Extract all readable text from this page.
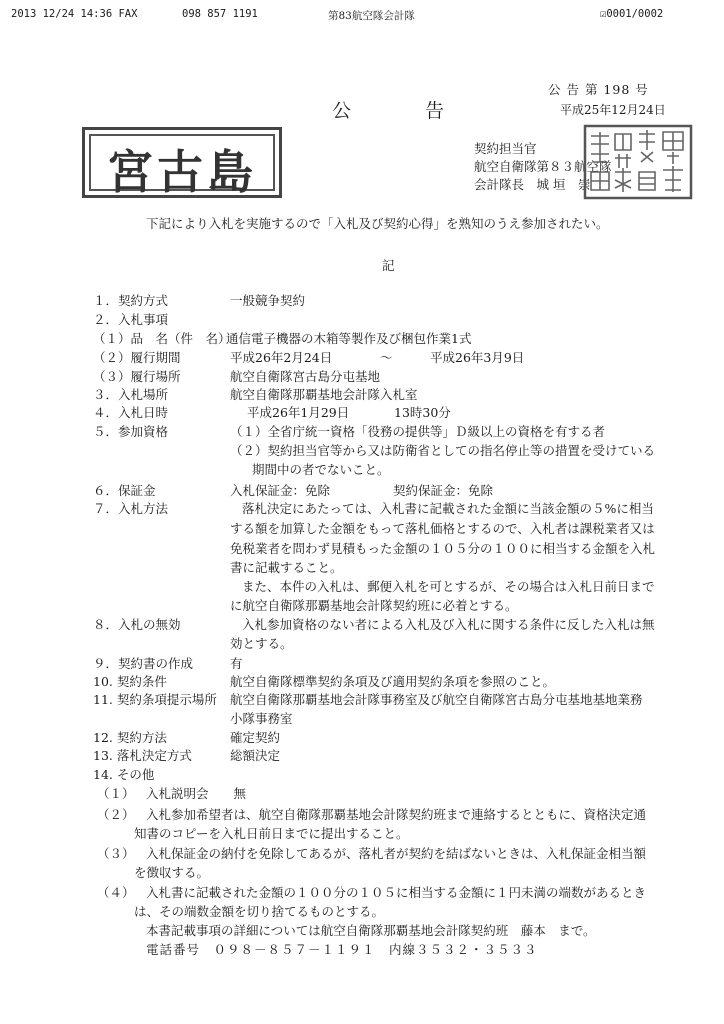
2013 12/24 14:36 FAX	098 857 1191	第83航空隊会計隊	☑0001/0002
公 告 第 198 号
平成25年12月24日
公 告
宮古島	契約担当官
航空自衛隊第８３航空隊
会計隊長　城 垣　崇
下記により入札を実施するので「入札及び契約心得」を熟知のうえ参加されたい。
記
１．契約方式	一般競争契約
２．入札事項
（１）品　名（件　名）
通信電子機器の木箱等製作及び梱包作業1式
（２）履行期間	平成26年2月24日	～	平成26年3月9日
（３）履行場所	航空自衛隊宮古島分屯基地
３．入札場所	航空自衛隊那覇基地会計隊入札室
４．入札日時	平成26年1月29日	13時30分
５．参加資格	（１）全省庁統一資格「役務の提供等」Ｄ級以上の資格を有する者
（２）契約担当官等から又は防衛省としての指名停止等の措置を受けている
期間中の者でないこと。
６．保証金	入札保証金：免除	契約保証金：免除
７．入札方法	落札決定にあたっては、入札書に記載された金額に当該金額の５%に相当
する額を加算した金額をもって落札価格とするので、入札者は課税業者又は
免税業者を問わず見積もった金額の１０５分の１００に相当する金額を入札
書に記載すること。
また、本件の入札は、郵便入札を可とするが、その場合は入札日前日まで
に航空自衛隊那覇基地会計隊契約班に必着とする。
８．入札の無効	入札参加資格のない者による入札及び入札に関する条件に反した入札は無
効とする。
９．契約書の作成	有
10. 契約条件	航空自衛隊標準契約条項及び適用契約条項を参照のこと。
11. 契約条項提示場所 航空自衛隊那覇基地会計隊事務室及び航空自衛隊宮古島分屯基地基地業務
小隊事務室
12. 契約方法	確定契約
13. 落札決定方式	総額決定
14. その他
（１） 入札説明会　　無
（２） 入札参加希望者は、航空自衛隊那覇基地会計隊契約班まで連絡するとともに、資格決定通
知書のコピーを入札日前日までに提出すること。
（３） 入札保証金の納付を免除してあるが、落札者が契約を結ばないときは、入札保証金相当額
を徴収する。
（４） 入札書に記載された金額の１００分の１０５に相当する金額に１円未満の端数があるとき
は、その端数金額を切り捨てるものとする。
本書記載事項の詳細については航空自衛隊那覇基地会計隊契約班　藤本　まで。
電話番号　０９８－８５７－１１９１　内線３５３２・３５３３
